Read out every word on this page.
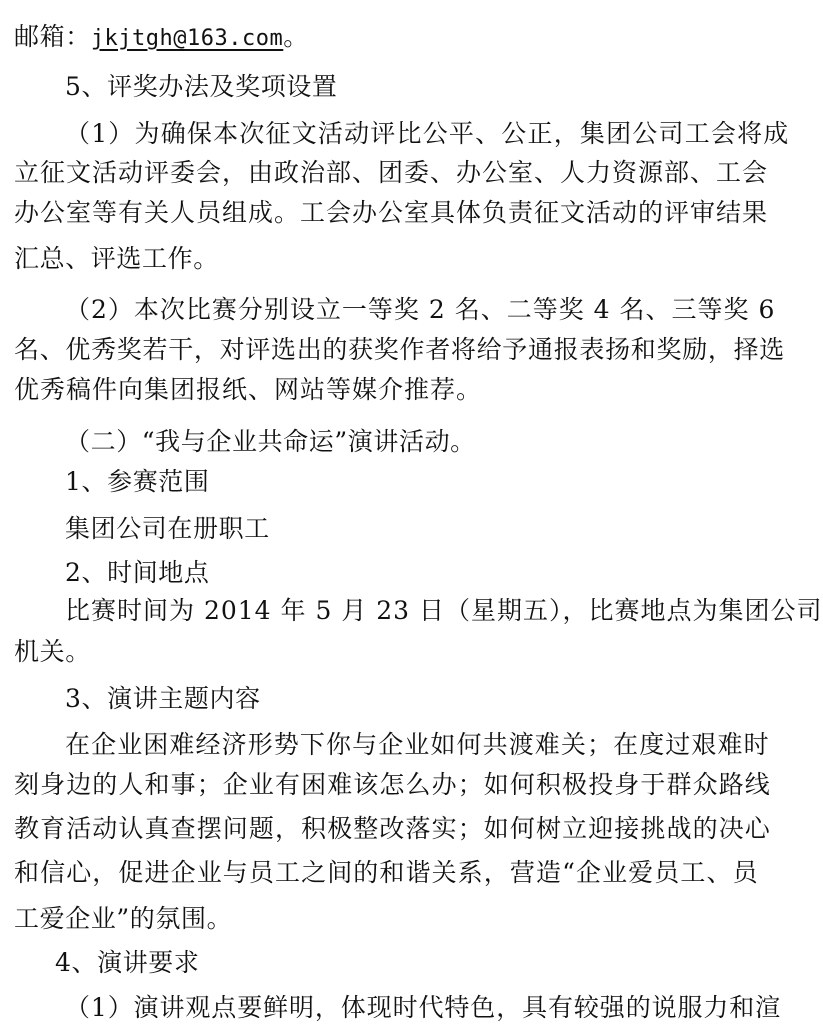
邮箱：jkjtgh@163.com。
5、评奖办法及奖项设置
（1）为确保本次征文活动评比公平、公正，集团公司工会将成
立征文活动评委会，由政治部、团委、办公室、人力资源部、工会
办公室等有关人员组成。工会办公室具体负责征文活动的评审结果
汇总、评选工作。
（2）本次比赛分别设立一等奖 2 名、二等奖 4 名、三等奖 6
名、优秀奖若干，对评选出的获奖作者将给予通报表扬和奖励，择选
优秀稿件向集团报纸、网站等媒介推荐。
（二）“我与企业共命运”演讲活动。
1、参赛范围
集团公司在册职工
2、时间地点
比赛时间为 2014 年 5 月 23 日（星期五），比赛地点为集团公司
机关。
3、演讲主题内容
在企业困难经济形势下你与企业如何共渡难关；在度过艰难时
刻身边的人和事；企业有困难该怎么办；如何积极投身于群众路线
教育活动认真查摆问题，积极整改落实；如何树立迎接挑战的决心
和信心，促进企业与员工之间的和谐关系，营造“企业爱员工、员
工爱企业”的氛围。
4、演讲要求
（1）演讲观点要鲜明，体现时代特色，具有较强的说服力和渲
